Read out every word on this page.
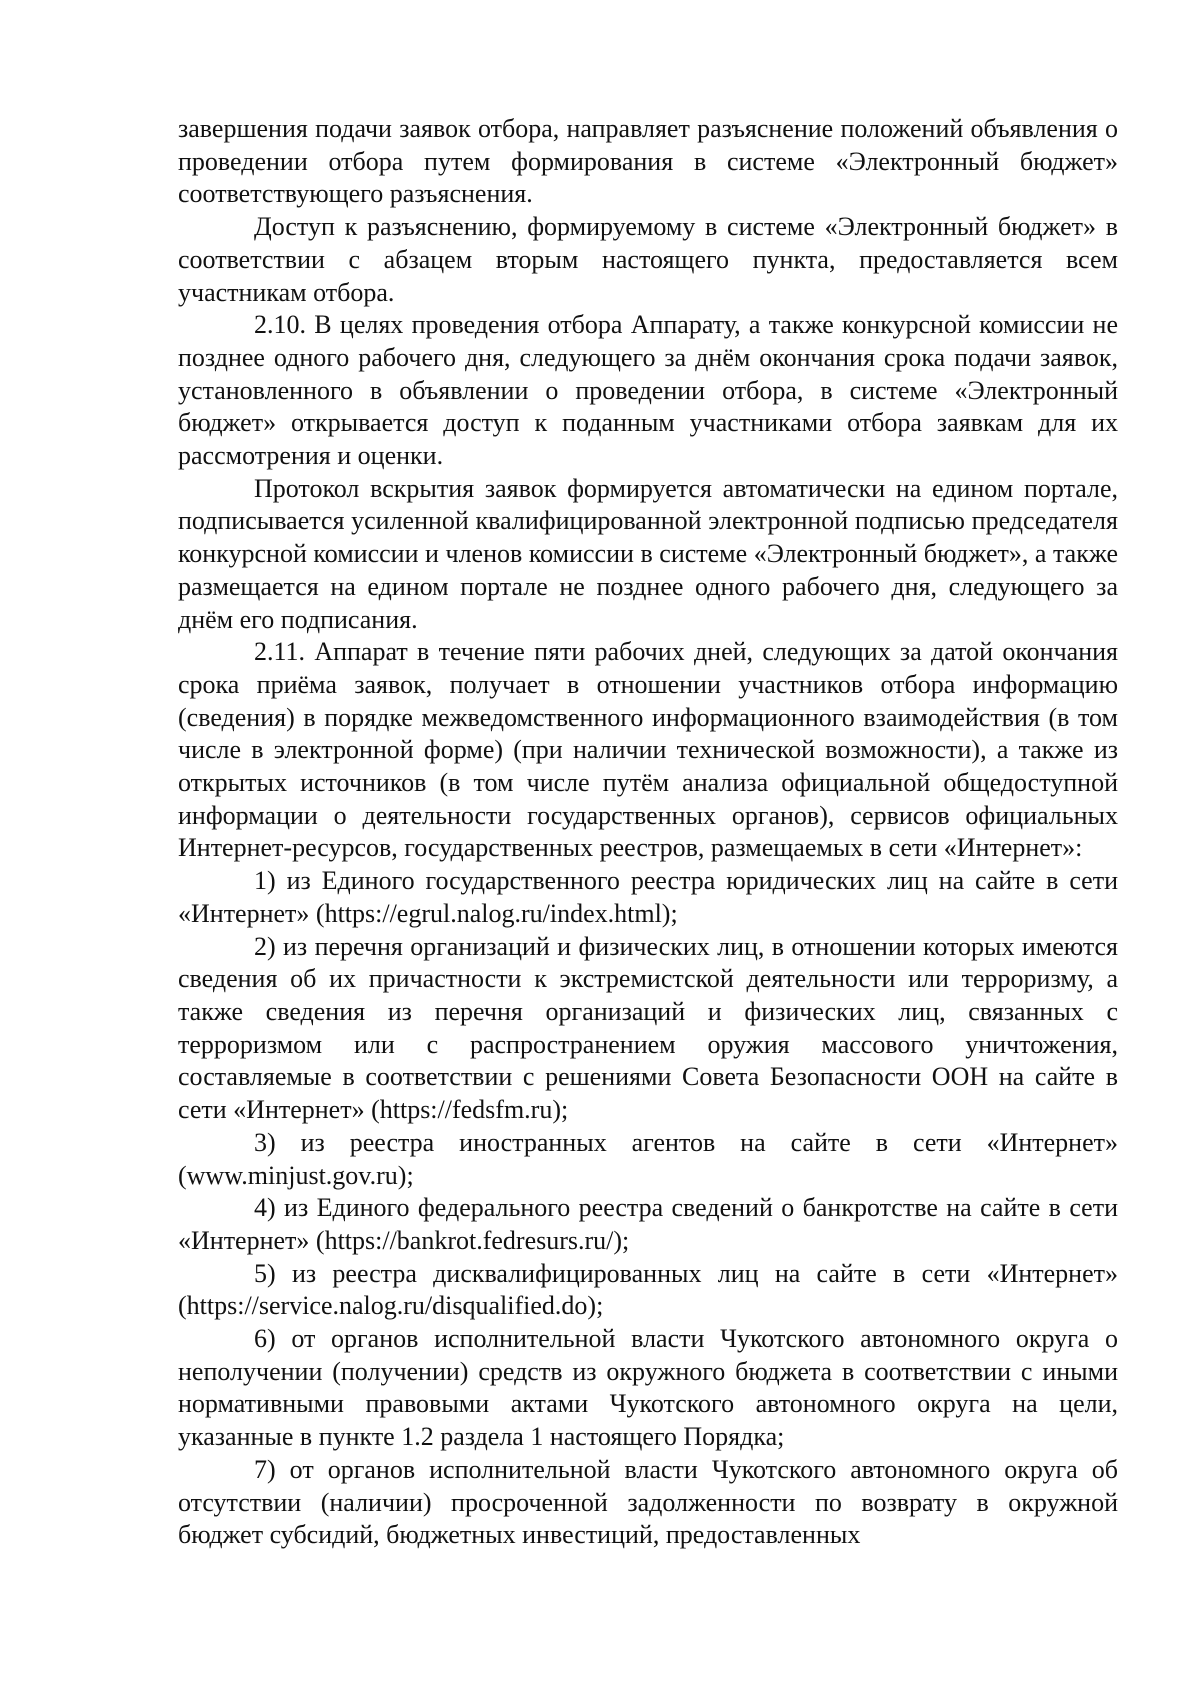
завершения подачи заявок отбора, направляет разъяснение положений объявления о проведении отбора путем формирования в системе «Электронный бюджет» соответствующего разъяснения.

Доступ к разъяснению, формируемому в системе «Электронный бюджет» в соответствии с абзацем вторым настоящего пункта, предоставляется всем участникам отбора.

2.10. В целях проведения отбора Аппарату, а также конкурсной комиссии не позднее одного рабочего дня, следующего за днём окончания срока подачи заявок, установленного в объявлении о проведении отбора, в системе «Электронный бюджет» открывается доступ к поданным участниками отбора заявкам для их рассмотрения и оценки.

Протокол вскрытия заявок формируется автоматически на едином портале, подписывается усиленной квалифицированной электронной подписью председателя конкурсной комиссии и членов комиссии в системе «Электронный бюджет», а также размещается на едином портале не позднее одного рабочего дня, следующего за днём его подписания.

2.11. Аппарат в течение пяти рабочих дней, следующих за датой окончания срока приёма заявок, получает в отношении участников отбора информацию (сведения) в порядке межведомственного информационного взаимодействия (в том числе в электронной форме) (при наличии технической возможности), а также из открытых источников (в том числе путём анализа официальной общедоступной информации о деятельности государственных органов), сервисов официальных Интернет-ресурсов, государственных реестров, размещаемых в сети «Интернет»:

1) из Единого государственного реестра юридических лиц на сайте в сети «Интернет» (https://egrul.nalog.ru/index.html);

2) из перечня организаций и физических лиц, в отношении которых имеются сведения об их причастности к экстремистской деятельности или терроризму, а также сведения из перечня организаций и физических лиц, связанных с терроризмом или с распространением оружия массового уничтожения, составляемые в соответствии с решениями Совета Безопасности ООН на сайте в сети «Интернет» (https://fedsfm.ru);

3) из реестра иностранных агентов на сайте в сети «Интернет» (www.minjust.gov.ru);

4) из Единого федерального реестра сведений о банкротстве на сайте в сети «Интернет» (https://bankrot.fedresurs.ru/);

5) из реестра дисквалифицированных лиц на сайте в сети «Интернет» (https://service.nalog.ru/disqualified.do);

6) от органов исполнительной власти Чукотского автономного округа о неполучении (получении) средств из окружного бюджета в соответствии с иными нормативными правовыми актами Чукотского автономного округа на цели, указанные в пункте 1.2 раздела 1 настоящего Порядка;

7) от органов исполнительной власти Чукотского автономного округа об отсутствии (наличии) просроченной задолженности по возврату в окружной бюджет субсидий, бюджетных инвестиций, предоставленных
